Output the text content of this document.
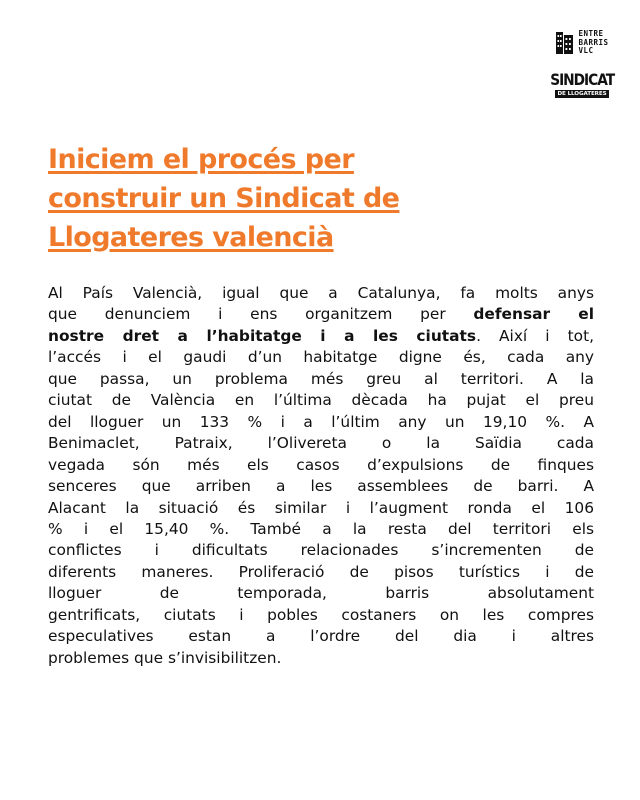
ENTRE
BARRIS
VLC
SINDICAT
DE LLOGATERES
Iniciem el procés per
construir un Sindicat de
Llogateres valencià
Al País Valencià, igual que a Catalunya, fa molts anys
que denunciem i ens organitzem per defensar el
nostre dret a l’habitatge i a les ciutats. Així i tot,
l’accés i el gaudi d’un habitatge digne és, cada any
que passa, un problema més greu al territori. A la
ciutat de València en l’última dècada ha pujat el preu
del lloguer un 133 % i a l’últim any un 19,10 %. A
Benimaclet, Patraix, l’Olivereta o la Saïdia cada
vegada són més els casos d’expulsions de finques
senceres que arriben a les assemblees de barri. A
Alacant la situació és similar i l’augment ronda el 106
% i el 15,40 %. També a la resta del territori els
conflictes i dificultats relacionades s’incrementen de
diferents maneres. Proliferació de pisos turístics i de
lloguer de temporada, barris absolutament
gentrificats, ciutats i pobles costaners on les compres
especulatives estan a l’ordre del dia i altres
problemes que s’invisibilitzen.
